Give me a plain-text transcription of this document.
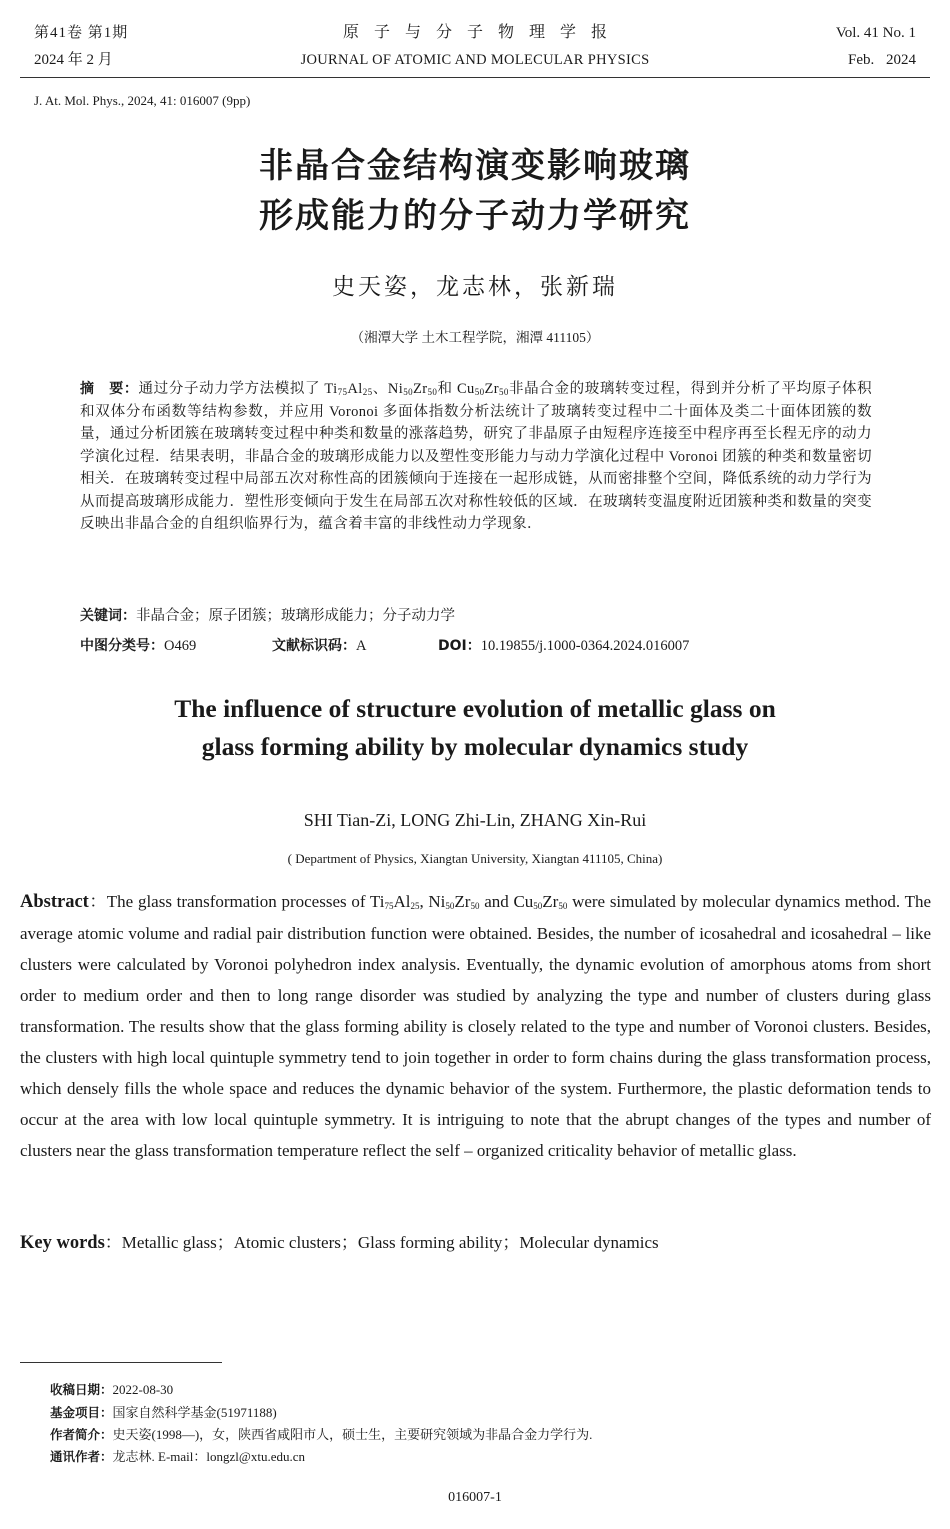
第41卷 第1期
2024 年 2 月
原子与分子物理学报
JOURNAL OF ATOMIC AND MOLECULAR PHYSICS
Vol. 41 No. 1
Feb. 2024
J. At. Mol. Phys., 2024, 41: 016007 (9pp)
非晶合金结构演变影响玻璃
形成能力的分子动力学研究
史天姿，龙志林，张新瑞
（湘潭大学 土木工程学院，湘潭 411105）
摘　要：通过分子动力学方法模拟了 $Ti_{75}Al_{25}$、$Ni_{50}Zr_{50}$和 $Cu_{50}Zr_{50}$非晶合金的玻璃转变过程，得到并分析了平均原子体积和双体分布函数等结构参数，并应用 Voronoi 多面体指数分析法统计了玻璃转变过程中二十面体及类二十面体团簇的数量，通过分析团簇在玻璃转变过程中种类和数量的涨落趋势，研究了非晶原子由短程序连接至中程序再至长程无序的动力学演化过程．结果表明，非晶合金的玻璃形成能力以及塑性变形能力与动力学演化过程中 Voronoi 团簇的种类和数量密切相关．在玻璃转变过程中局部五次对称性高的团簇倾向于连接在一起形成链，从而密排整个空间，降低系统的动力学行为从而提高玻璃形成能力．塑性形变倾向于发生在局部五次对称性较低的区域．在玻璃转变温度附近团簇种类和数量的突变反映出非晶合金的自组织临界行为，蕴含着丰富的非线性动力学现象．
关键词：非晶合金；原子团簇；玻璃形成能力；分子动力学
中图分类号：O469	文献标识码：A	DOI：10.19855/j.1000-0364.2024.016007
The influence of structure evolution of metallic glass on
glass forming ability by molecular dynamics study
SHI Tian-Zi, LONG Zhi-Lin, ZHANG Xin-Rui
( Department of Physics, Xiangtan University, Xiangtan 411105, China)
Abstract：The glass transformation processes of $Ti_{75}Al_{25}$, $Ni_{50}Zr_{50}$ and $Cu_{50}Zr_{50}$ were simulated by molecular dynamics method. The average atomic volume and radial pair distribution function were obtained. Besides, the number of icosahedral and icosahedral – like clusters were calculated by Voronoi polyhedron index analysis. Eventually, the dynamic evolution of amorphous atoms from short order to medium order and then to long range disorder was studied by analyzing the type and number of clusters during glass transformation. The results show that the glass forming ability is closely related to the type and number of Voronoi clusters. Besides, the clusters with high local quintuple symmetry tend to join together in order to form chains during the glass transformation process, which densely fills the whole space and reduces the dynamic behavior of the system. Furthermore, the plastic deformation tends to occur at the area with low local quintuple symmetry. It is intriguing to note that the abrupt changes of the types and number of clusters near the glass transformation temperature reflect the self – organized criticality behavior of metallic glass.
Key words：Metallic glass；Atomic clusters；Glass forming ability；Molecular dynamics
收稿日期：2022-08-30
基金项目：国家自然科学基金(51971188)
作者简介：史天姿(1998—)，女，陕西省咸阳市人，硕士生，主要研究领域为非晶合金力学行为.
通讯作者：龙志林. E-mail：longzl@xtu.edu.cn
016007-1
